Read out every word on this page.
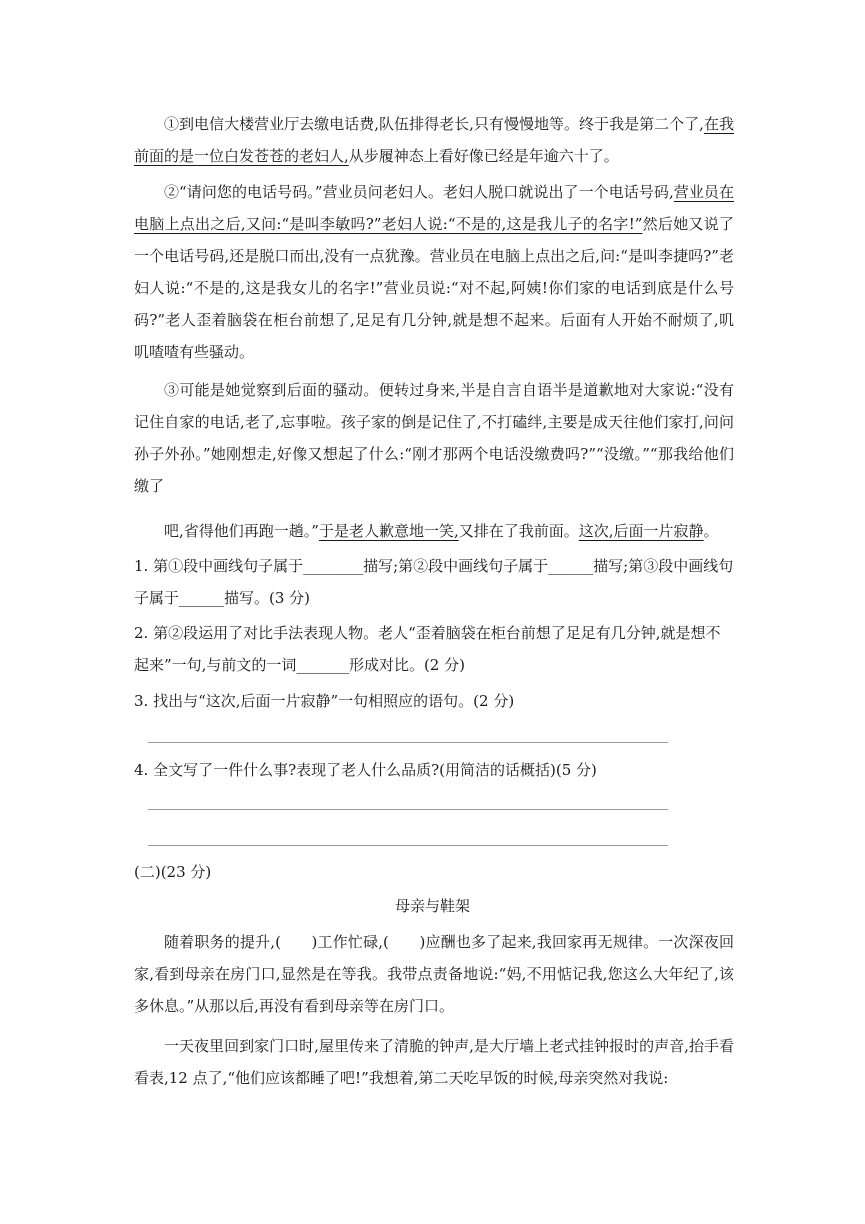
①到电信大楼营业厅去缴电话费,队伍排得老长,只有慢慢地等。终于我是第二个了,在我前面的是一位白发苍苍的老妇人,从步履神态上看好像已经是年逾六十了。

②“请问您的电话号码。”营业员问老妇人。老妇人脱口就说出了一个电话号码,营业员在电脑上点出之后,又问:“是叫李敏吗?”老妇人说:“不是的,这是我儿子的名字!”然后她又说了一个电话号码,还是脱口而出,没有一点犹豫。营业员在电脑上点出之后,问:“是叫李捷吗?”老妇人说:“不是的,这是我女儿的名字!”营业员说:“对不起,阿姨!你们家的电话到底是什么号码?”老人歪着脑袋在柜台前想了,足足有几分钟,就是想不起来。后面有人开始不耐烦了,叽叽喳喳有些骚动。

③可能是她觉察到后面的骚动。便转过身来,半是自言自语半是道歉地对大家说:“没有记住自家的电话,老了,忘事啦。孩子家的倒是记住了,不打磕绊,主要是成天往他们家打,问问孙子外孙。”她刚想走,好像又想起了什么:“刚才那两个电话没缴费吗?”“没缴。”“那我给他们缴了

吧,省得他们再跑一趟。”于是老人歉意地一笑,又排在了我前面。这次,后面一片寂静。

1. 第①段中画线句子属于________描写;第②段中画线句子属于______描写;第③段中画线句子属于______描写。(3 分)

2. 第②段运用了对比手法表现人物。老人“歪着脑袋在柜台前想了足足有几分钟,就是想不起来”一句,与前文的一词_______形成对比。(2 分)

3. 找出与“这次,后面一片寂静”一句相照应的语句。(2 分)

4. 全文写了一件什么事?表现了老人什么品质?(用简洁的话概括)(5 分)

(二)(23 分)
母亲与鞋架

随着职务的提升,(　　)工作忙碌,(　　)应酬也多了起来,我回家再无规律。一次深夜回家,看到母亲在房门口,显然是在等我。我带点责备地说:“妈,不用惦记我,您这么大年纪了,该多休息。”从那以后,再没有看到母亲等在房门口。

一天夜里回到家门口时,屋里传来了清脆的钟声,是大厅墙上老式挂钟报时的声音,抬手看看表,12 点了,“他们应该都睡了吧!”我想着,第二天吃早饭的时候,母亲突然对我说:
